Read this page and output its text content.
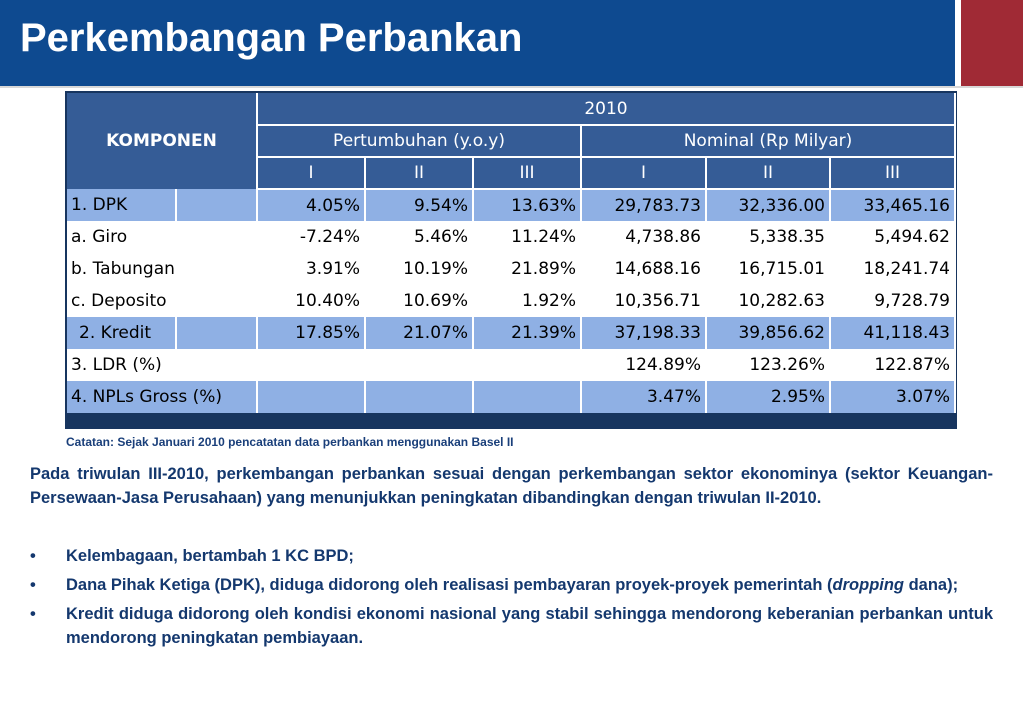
Perkembangan Perbankan
KOMPONEN		2010					
		Pertumbuhan (y.o.y)			Nominal (Rp Milyar)		
		I	II	III	I	II	III
1. DPK		4.05%	9.54%	13.63%	29,783.73	32,336.00	33,465.16
a. Giro		-7.24%	5.46%	11.24%	4,738.86	5,338.35	5,494.62
b. Tabungan		3.91%	10.19%	21.89%	14,688.16	16,715.01	18,241.74
c. Deposito		10.40%	10.69%	1.92%	10,356.71	10,282.63	9,728.79
2. Kredit		17.85%	21.07%	21.39%	37,198.33	39,856.62	41,118.43
3. LDR (%)					124.89%	123.26%	122.87%
4. NPLs Gross (%)					3.47%	2.95%	3.07%
Catatan: Sejak Januari 2010 pencatatan data perbankan menggunakan Basel II
Pada triwulan III-2010, perkembangan perbankan sesuai dengan perkembangan sektor ekonominya (sektor Keuangan-Persewaan-Jasa Perusahaan) yang menunjukkan peningkatan dibandingkan dengan triwulan II-2010.
• Kelembagaan, bertambah 1 KC BPD;
• Dana Pihak Ketiga (DPK), diduga didorong oleh realisasi pembayaran proyek-proyek pemerintah (dropping dana);
• Kredit diduga didorong oleh kondisi ekonomi nasional yang stabil sehingga mendorong keberanian perbankan untuk mendorong peningkatan pembiayaan.
